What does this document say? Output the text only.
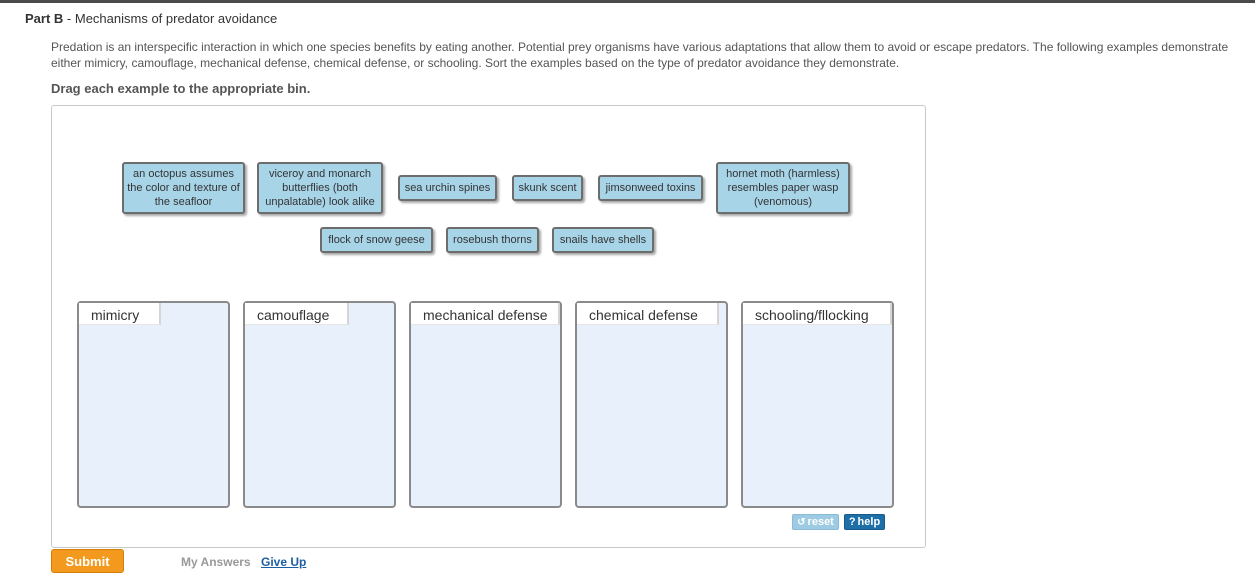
Part B - Mechanisms of predator avoidance
Predation is an interspecific interaction in which one species benefits by eating another. Potential prey organisms have various adaptations that allow them to avoid or escape predators. The following examples demonstrate either mimicry, camouflage, mechanical defense, chemical defense, or schooling. Sort the examples based on the type of predator avoidance they demonstrate.
Drag each example to the appropriate bin.
an octopus assumes the color and texture of the seafloor
viceroy and monarch butterflies (both unpalatable) look alike
sea urchin spines	skunk scent	jimsonweed toxins
hornet moth (harmless) resembles paper wasp (venomous)
flock of snow geese	rosebush thorns	snails have shells
mimicry	camouflage	mechanical defense	chemical defense	schooling/fllocking
↺ reset ? help
Submit	My Answers Give Up
